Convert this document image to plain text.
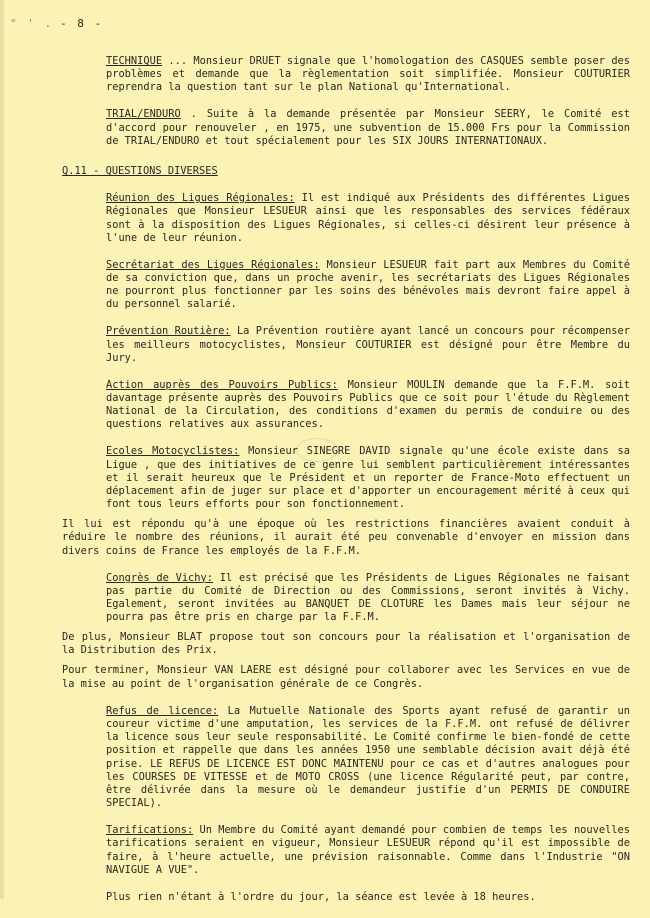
° ' . - 8 -

TECHNIQUE ... Monsieur DRUET signale que l'homologation des CASQUES semble poser des problèmes et demande que la règlementation soit simplifiée. Monsieur COUTURIER reprendra la question tant sur le plan National qu'International.

TRIAL/ENDURO . Suite à la demande présentée par Monsieur SEERY, le Comité est d'accord pour renouveler , en 1975, une subvention de 15.000 Frs pour la Commission de TRIAL/ENDURO et tout spécialement pour les SIX JOURS INTERNATIONAUX.

Q.11 - QUESTIONS DIVERSES

Réunion des Ligues Régionales: Il est indiqué aux Présidents des différentes Ligues Régionales que Monsieur LESUEUR ainsi que les responsables des services fédéraux sont à la disposition des Ligues Régionales, si celles-ci désirent leur présence à l'une de leur réunion.

Secrétariat des Ligues Régionales: Monsieur LESUEUR fait part aux Membres du Comité de sa conviction que, dans un proche avenir, les secrétariats des Ligues Régionales ne pourront plus fonctionner par les soins des bénévoles mais devront faire appel à du personnel salarié.

Prévention Routière: La Prévention routière ayant lancé un concours pour récompenser les meilleurs motocyclistes, Monsieur COUTURIER est désigné pour être Membre du Jury.

Action auprès des Pouvoirs Publics: Monsieur MOULIN demande que la F.F.M. soit davantage présente auprès des Pouvoirs Publics que ce soit pour l'étude du Règlement National de la Circulation, des conditions d'examen du permis de conduire ou des questions relatives aux assurances.

Ecoles Motocyclistes: Monsieur SINEGRE DAVID signale qu'une école existe dans sa Ligue , que des initiatives de ce genre lui semblent particulièrement intéressantes et il serait heureux que le Président et un reporter de France-Moto effectuent un déplacement afin de juger sur place et d'apporter un encouragement mérité à ceux qui font tous leurs efforts pour son fonctionnement.

Il lui est répondu qu'à une époque où les restrictions financières avaient conduit à réduire le nombre des réunions, il aurait été peu convenable d'envoyer en mission dans divers coins de France les employés de la F.F.M.

Congrès de Vichy: Il est précisé que les Présidents de Ligues Régionales ne faisant pas partie du Comité de Direction ou des Commissions, seront invités à Vichy. Egalement, seront invitées au BANQUET DE CLOTURE les Dames mais leur séjour ne pourra pas être pris en charge par la F.F.M.

De plus, Monsieur BLAT propose tout son concours pour la réalisation et l'organisation de la Distribution des Prix.

Pour terminer, Monsieur VAN LAERE est désigné pour collaborer avec les Services en vue de la mise au point de l'organisation générale de ce Congrès.

Refus de licence: La Mutuelle Nationale des Sports ayant refusé de garantir un coureur victime d'une amputation, les services de la F.F.M. ont refusé de délivrer la licence sous leur seule responsabilité. Le Comité confirme le bien-fondé de cette position et rappelle que dans les années 1950 une semblable décision avait déjà été prise. LE REFUS DE LICENCE EST DONC MAINTENU pour ce cas et d'autres analogues pour les COURSES DE VITESSE et de MOTO CROSS (une licence Régularité peut, par contre, être délivrée dans la mesure où le demandeur justifie d'un PERMIS DE CONDUIRE SPECIAL).

Tarifications: Un Membre du Comité ayant demandé pour combien de temps les nouvelles tarifications seraient en vigueur, Monsieur LESUEUR répond qu'il est impossible de faire, à l'heure actuelle, une prévision raisonnable. Comme dans l'Industrie "ON NAVIGUE A VUE".

Plus rien n'étant à l'ordre du jour, la séance est levée à 18 heures.
